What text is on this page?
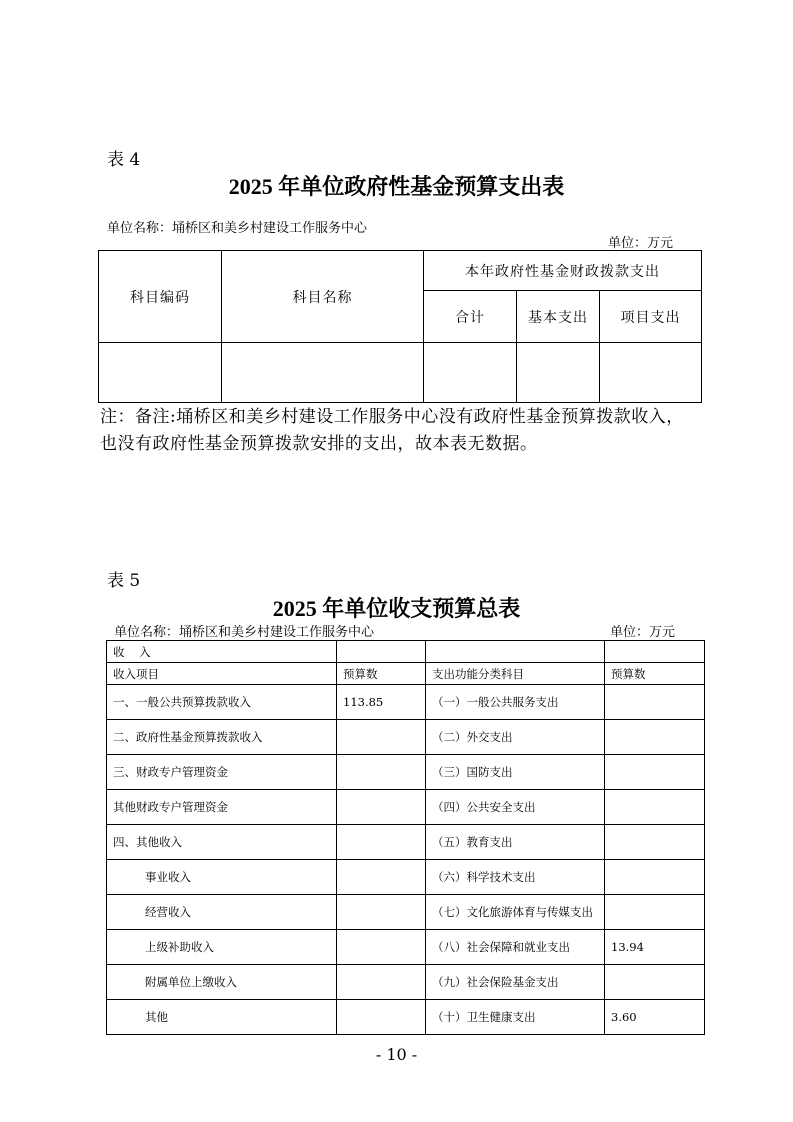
表 4
2025 年单位政府性基金预算支出表
单位名称：埇桥区和美乡村建设工作服务中心
单位：万元
科目编码	科目名称	本年政府性基金财政拨款支出		
		合计	基本支出	项目支出

注：备注:埇桥区和美乡村建设工作服务中心没有政府性基金预算拨款收入，也没有政府性基金预算拨款安排的支出，故本表无数据。
表 5
2025 年单位收支预算总表
单位名称：埇桥区和美乡村建设工作服务中心	单位：万元
收    入			
收入项目	预算数	支出功能分类科目	预算数
一、一般公共预算拨款收入	113.85	（一）一般公共服务支出	
二、政府性基金预算拨款收入		（二）外交支出	
三、财政专户管理资金		（三）国防支出	
其他财政专户管理资金		（四）公共安全支出	
四、其他收入		（五）教育支出	
事业收入		（六）科学技术支出	
经营收入		（七）文化旅游体育与传媒支出	
上级补助收入		（八）社会保障和就业支出	13.94
附属单位上缴收入		（九）社会保险基金支出	
其他		（十）卫生健康支出	3.60
- 10 -
